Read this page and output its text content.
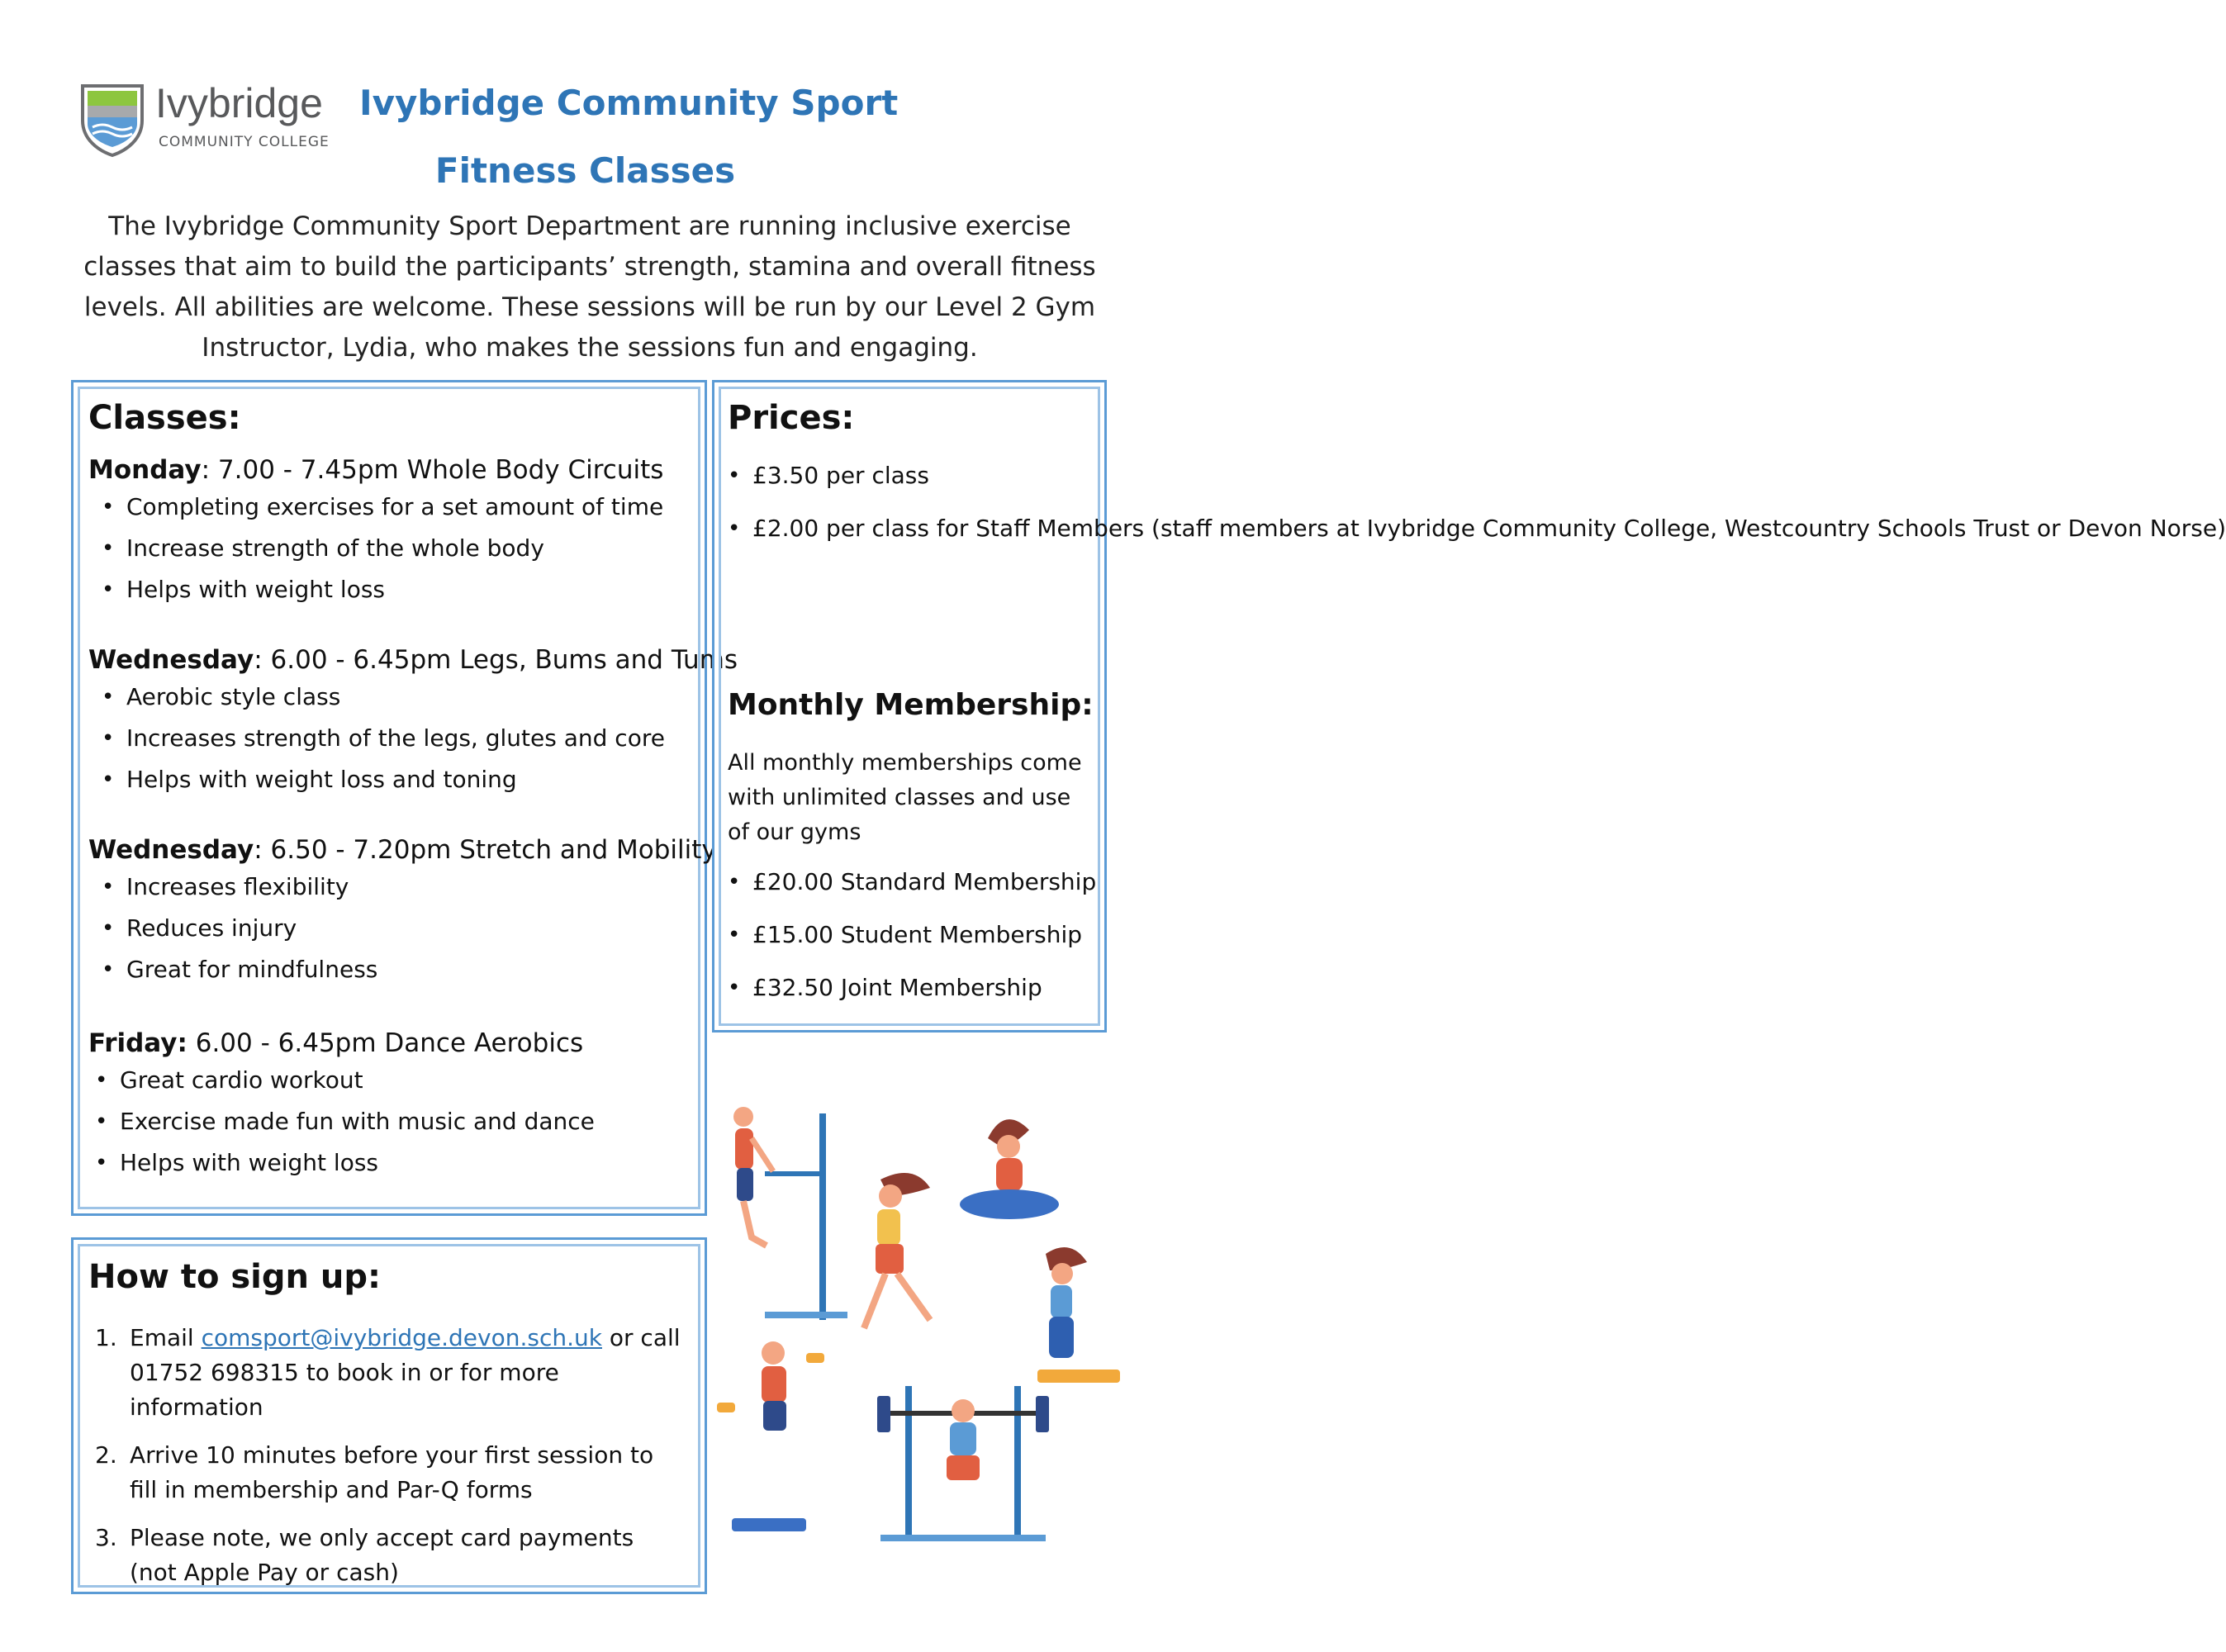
Ivybridge
COMMUNITY COLLEGE
Ivybridge Community Sport
Fitness Classes
The Ivybridge Community Sport Department are running inclusive exercise classes that aim to build the participants’ strength, stamina and overall fitness levels. All abilities are welcome. These sessions will be run by our Level 2 Gym Instructor, Lydia, who makes the sessions fun and engaging.
Classes:

Monday: 7.00 - 7.45pm Whole Body Circuits

• Completing exercises for a set amount of time
• Increase strength of the whole body
• Helps with weight loss

Wednesday: 6.00 - 6.45pm Legs, Bums and Tums

• Aerobic style class
• Increases strength of the legs, glutes and core
• Helps with weight loss and toning

Wednesday: 6.50 - 7.20pm Stretch and Mobility

• Increases flexibility
• Reduces injury
• Great for mindfulness

Friday: 6.00 - 6.45pm Dance Aerobics

• Great cardio workout
• Exercise made fun with music and dance
• Helps with weight loss
Prices:
• £3.50 per class
• £2.00 per class for Staff Members (staff members at Ivybridge Community College, Westcountry Schools Trust or Devon Norse)
Monthly Membership:

All monthly memberships come with unlimited classes and use of our gyms

• £20.00 Standard Membership
• £15.00 Student Membership
• £32.50 Joint Membership
How to sign up:
1. Email comsport@ivybridge.devon.sch.uk or call 01752 698315 to book in or for more information
2. Arrive 10 minutes before your first session to fill in membership and Par-Q forms
3. Please note, we only accept card payments (not Apple Pay or cash)
